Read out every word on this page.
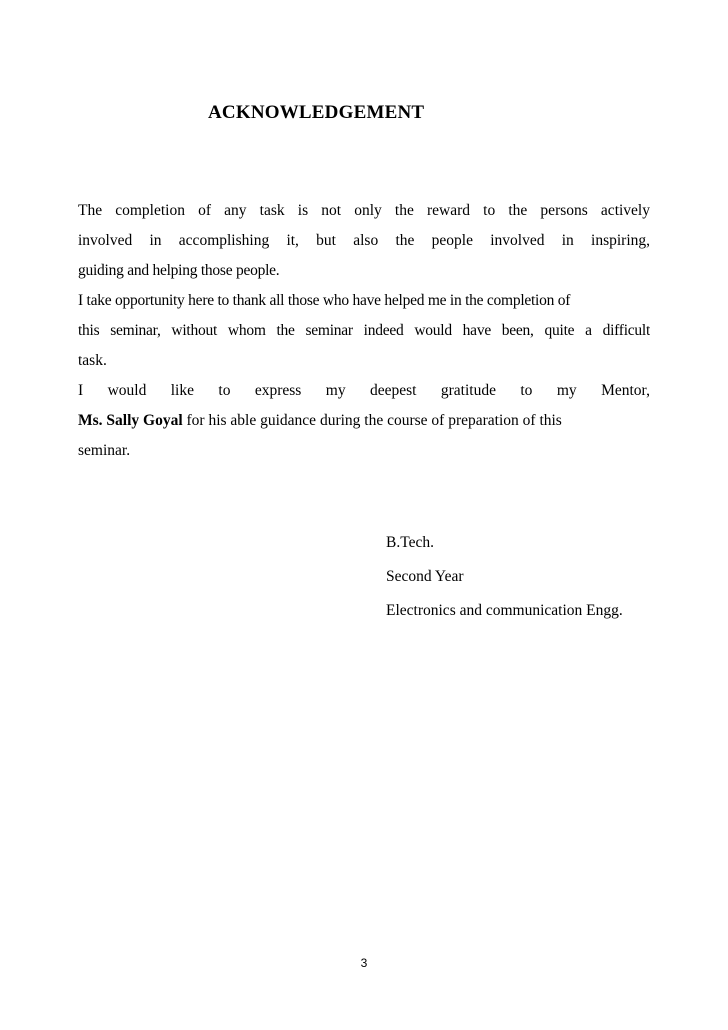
ACKNOWLEDGEMENT
The completion of any task is not only the reward to the persons actively
involved in accomplishing it, but also the people involved in inspiring,
guiding and helping those people.
I take opportunity here to thank all those who have helped me in the completion of
this seminar, without whom the seminar indeed would have been, quite a difficult
task.
I would like to express my deepest gratitude to my Mentor,
Ms. Sally Goyal for his able guidance during the course of preparation of this
seminar.
B.Tech.
Second Year
Electronics and communication Engg.
3
